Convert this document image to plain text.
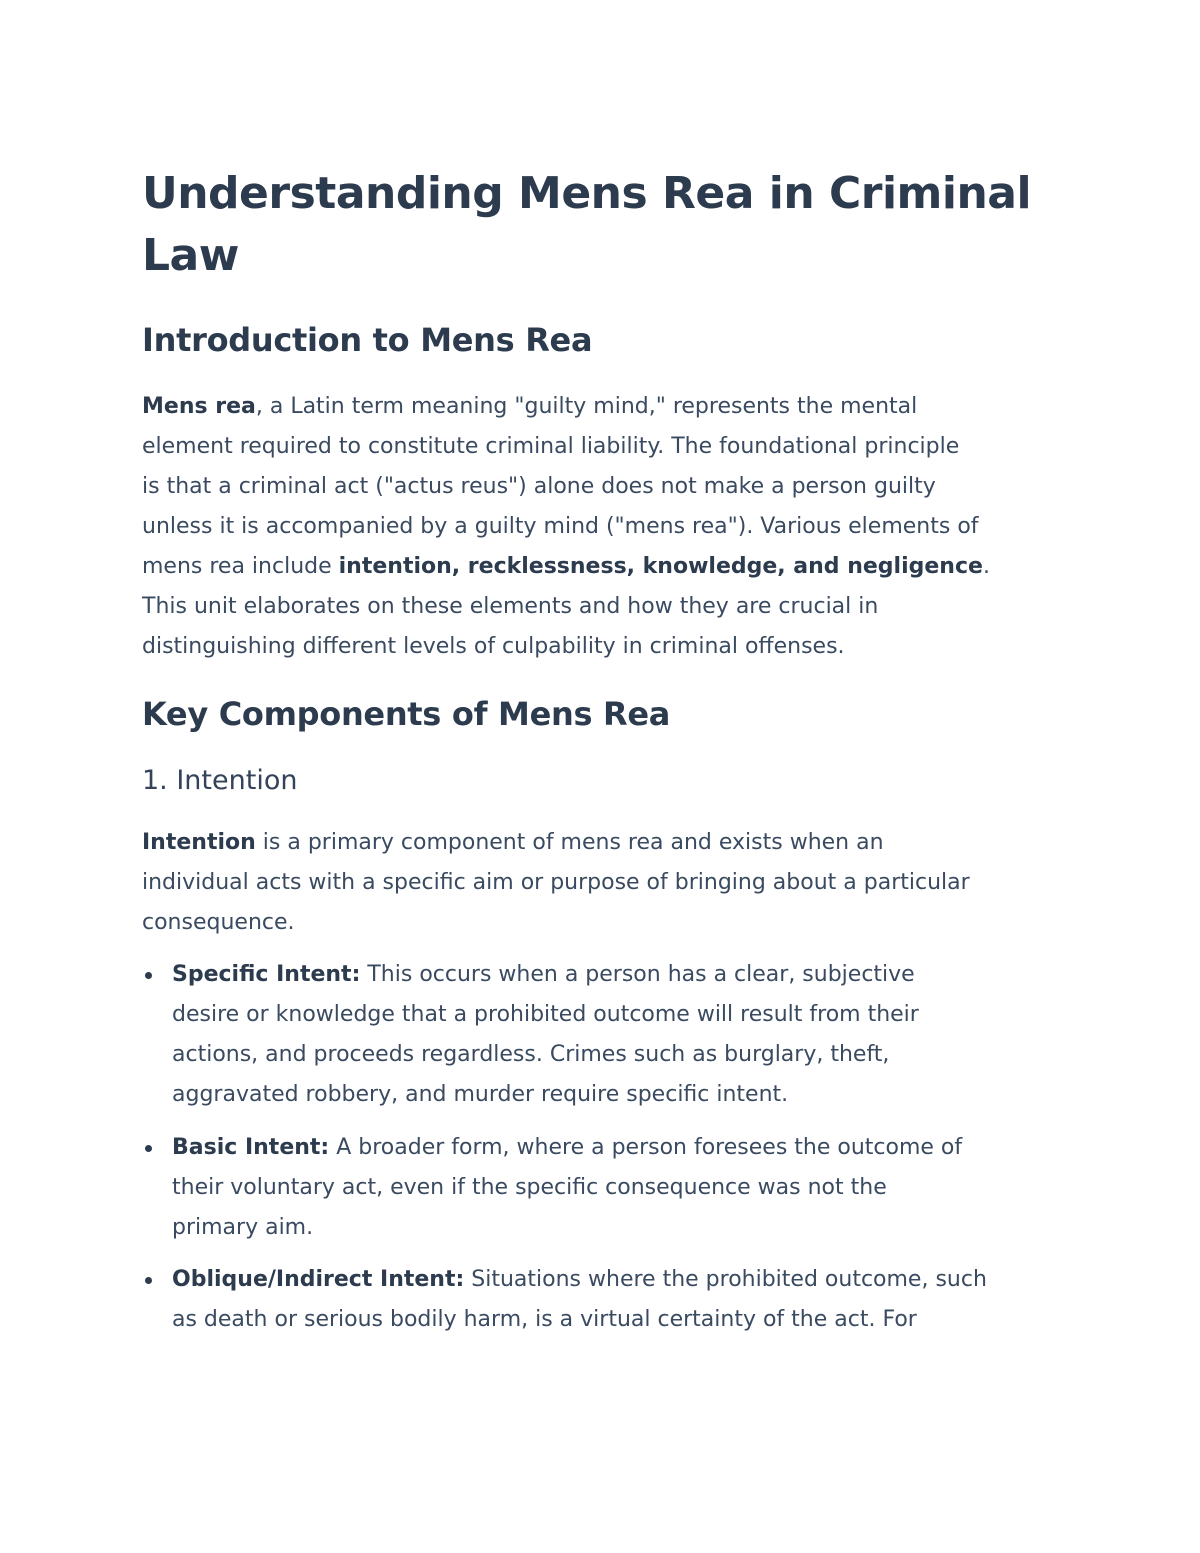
Understanding Mens Rea in Criminal
Law
Introduction to Mens Rea
Mens rea, a Latin term meaning "guilty mind," represents the mental
element required to constitute criminal liability. The foundational principle
is that a criminal act ("actus reus") alone does not make a person guilty
unless it is accompanied by a guilty mind ("mens rea"). Various elements of
mens rea include intention, recklessness, knowledge, and negligence.
This unit elaborates on these elements and how they are crucial in
distinguishing different levels of culpability in criminal offenses.
Key Components of Mens Rea
1. Intention
Intention is a primary component of mens rea and exists when an
individual acts with a specific aim or purpose of bringing about a particular
consequence.
Specific Intent: This occurs when a person has a clear, subjective
desire or knowledge that a prohibited outcome will result from their
actions, and proceeds regardless. Crimes such as burglary, theft,
aggravated robbery, and murder require specific intent.
Basic Intent: A broader form, where a person foresees the outcome of
their voluntary act, even if the specific consequence was not the
primary aim.
Oblique/Indirect Intent: Situations where the prohibited outcome, such
as death or serious bodily harm, is a virtual certainty of the act. For
